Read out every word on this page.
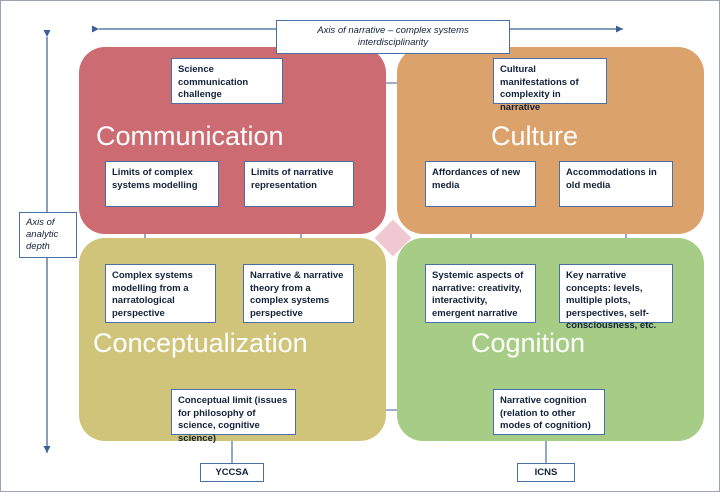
Communication	Culture
Conceptualization	Cognition
Axis of narrative – complex systems interdisciplinarity
Axis of analytic depth
Science communication challenge
Limits of complex systems modelling
Limits of narrative representation
Cultural manifestations of complexity in narrative
Affordances of new media
Accommodations in old media
Complex systems modelling from a narratological perspective
Narrative & narrative theory from a complex systems perspective
Systemic aspects of narrative: creativity, interactivity, emergent narrative
Key narrative concepts: levels, multiple plots, perspectives, self-consciousness, etc.
Conceptual limit (issues for philosophy of science, cognitive science)
Narrative cognition (relation to other modes of cognition)
YCCSA	ICNS
